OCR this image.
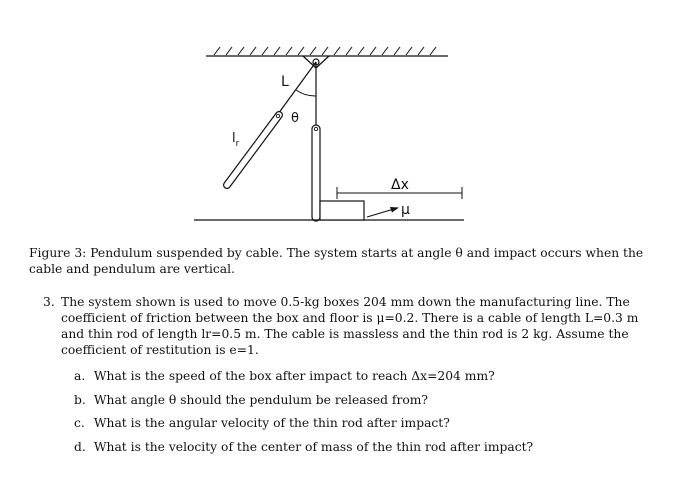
L
θ
$l_r$
Δx
μ

Figure 3: Pendulum suspended by cable. The system starts at angle θ and impact occurs when the cable and pendulum are vertical.

3. The system shown is used to move 0.5-kg boxes 204 mm down the manufacturing line. The coefficient of friction between the box and floor is μ=0.2. There is a cable of length L=0.3 m and thin rod of length lr=0.5 m. The cable is massless and the thin rod is 2 kg. Assume the coefficient of restitution is e=1.

a. What is the speed of the box after impact to reach Δx=204 mm?
b. What angle θ should the pendulum be released from?
c. What is the angular velocity of the thin rod after impact?
d. What is the velocity of the center of mass of the thin rod after impact?
